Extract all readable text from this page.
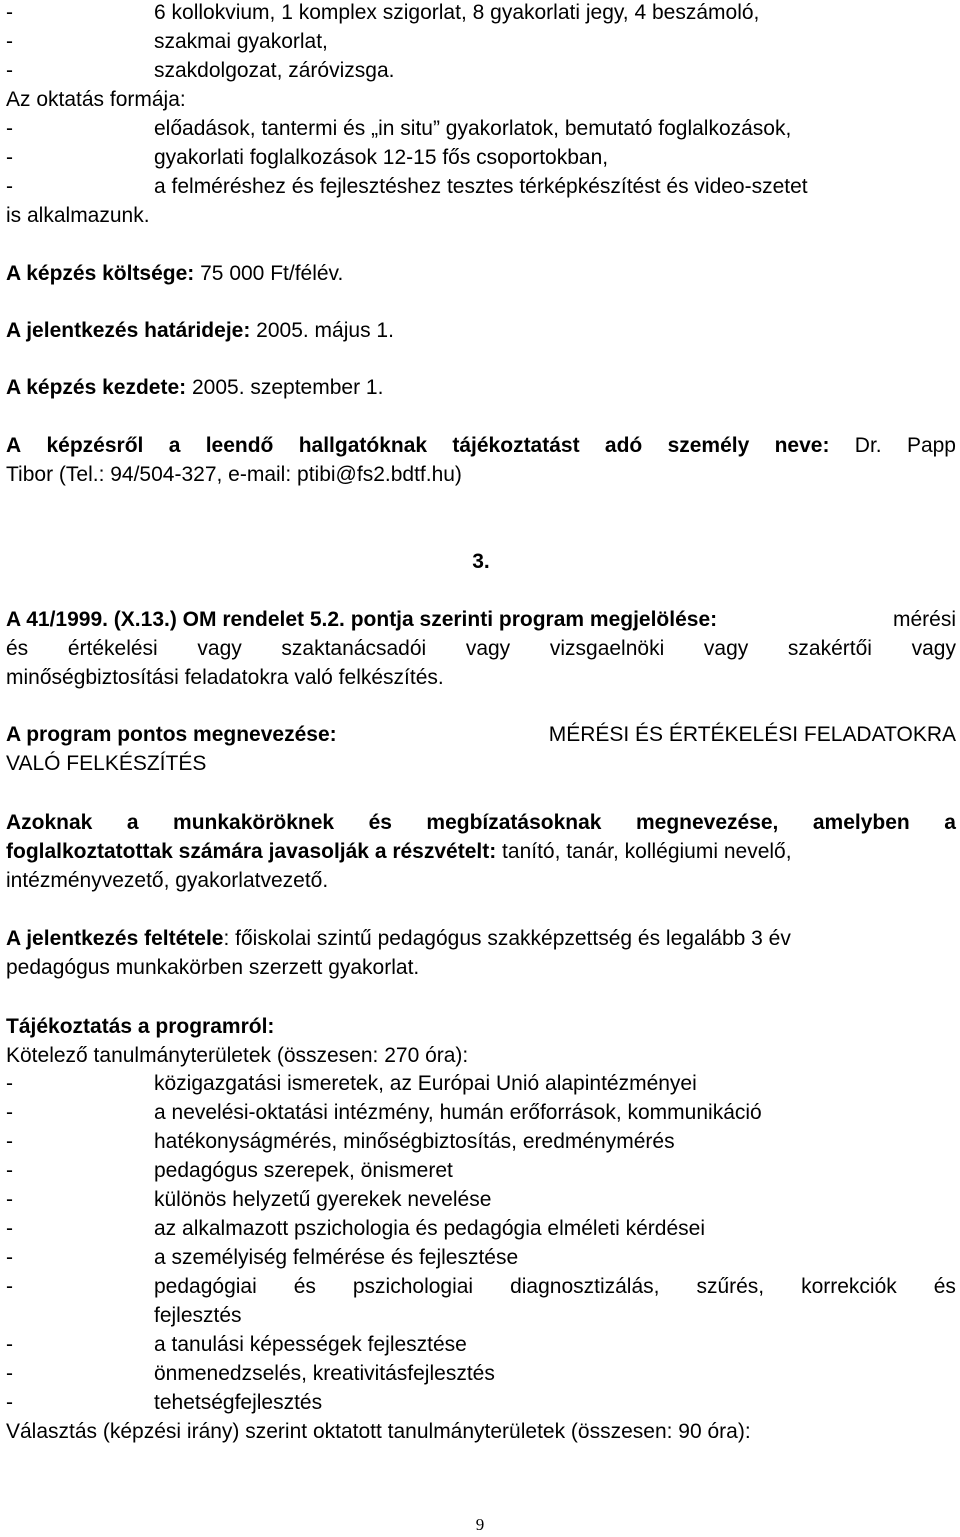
-	6 kollokvium, 1 komplex szigorlat, 8 gyakorlati jegy, 4 beszámoló,
-	szakmai gyakorlat,
-	szakdolgozat, záróvizsga.
Az oktatás formája:
-	előadások, tantermi és „in situ” gyakorlatok, bemutató foglalkozások,
-	gyakorlati foglalkozások 12-15 fős csoportokban,
-	a felméréshez és fejlesztéshez tesztes térképkészítést és video-szetet
is alkalmazunk.
A képzés költsége: 75 000 Ft/félév.
A jelentkezés határideje: 2005. május 1.
A képzés kezdete: 2005. szeptember 1.
A képzésről a leendő hallgatóknak tájékoztatást adó személy neve: Dr. Papp
Tibor (Tel.: 94/504-327, e-mail: ptibi@fs2.bdtf.hu)
3.
A 41/1999. (X.13.) OM rendelet 5.2. pontja szerinti program megjelölése:	mérési
és értékelési vagy szaktanácsadói vagy vizsgaelnöki vagy szakértői vagy
minőségbiztosítási feladatokra való felkészítés.
A program pontos megnevezése:	MÉRÉSI ÉS ÉRTÉKELÉSI FELADATOKRA
VALÓ FELKÉSZÍTÉS
Azoknak a munkaköröknek és megbízatásoknak megnevezése, amelyben a
foglalkoztatottak számára javasolják a részvételt: tanító, tanár, kollégiumi nevelő,
intézményvezető, gyakorlatvezető.
A jelentkezés feltétele: főiskolai szintű pedagógus szakképzettség és legalább 3 év
pedagógus munkakörben szerzett gyakorlat.
Tájékoztatás a programról:
Kötelező tanulmányterületek (összesen: 270 óra):
-	közigazgatási ismeretek, az Európai Unió alapintézményei
-	a nevelési-oktatási intézmény, humán erőforrások, kommunikáció
-	hatékonyságmérés, minőségbiztosítás, eredménymérés
-	pedagógus szerepek, önismeret
-	különös helyzetű gyerekek nevelése
-	az alkalmazott pszichologia és pedagógia elméleti kérdései
-	a személyiség felmérése és fejlesztése
-	pedagógiai és pszichologiai diagnosztizálás, szűrés, korrekciók és
fejlesztés
-	a tanulási képességek fejlesztése
-	önmenedzselés, kreativitásfejlesztés
-	tehetségfejlesztés
Választás (képzési irány) szerint oktatott tanulmányterületek (összesen: 90 óra):
9
